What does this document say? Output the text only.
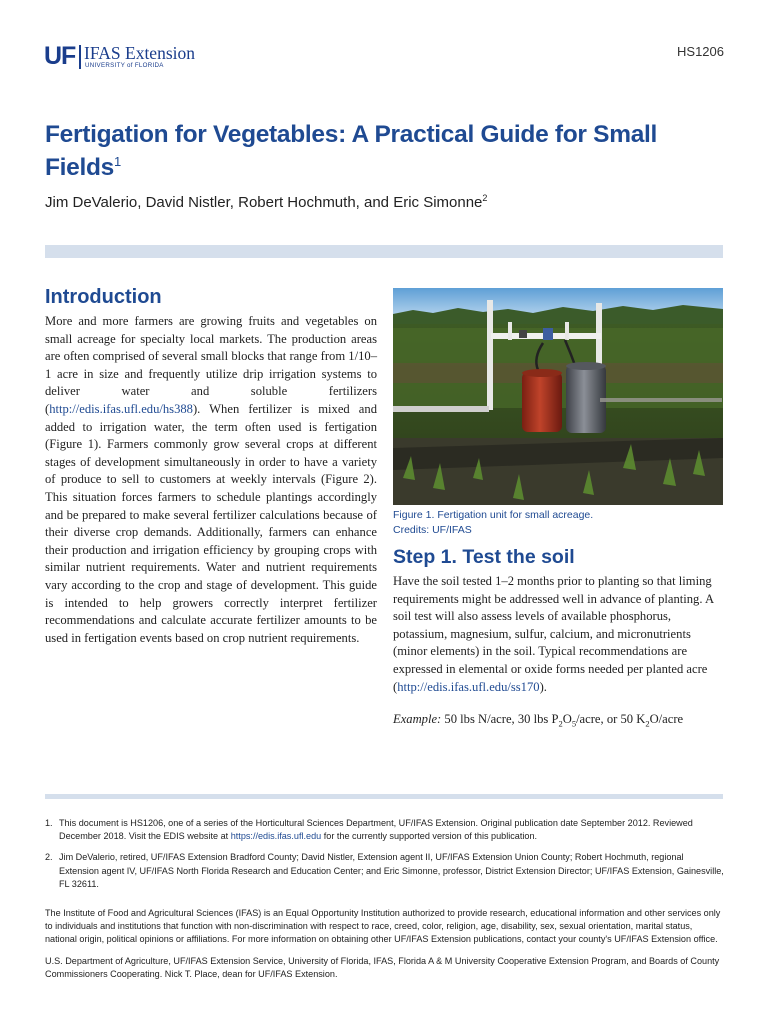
UF IFAS Extension
UNIVERSITY of FLORIDA
HS1206
Fertigation for Vegetables: A Practical Guide for Small Fields$^1$
Jim DeValerio, David Nistler, Robert Hochmuth, and Eric Simonne$^2$
Introduction

More and more farmers are growing fruits and vegetables on small acreage for specialty local markets. The production areas are often comprised of several small blocks that range from 1/10–1 acre in size and frequently utilize drip irrigation systems to deliver water and soluble fertilizers (http://edis.ifas.ufl.edu/hs388). When fertilizer is mixed and added to irrigation water, the term often used is fertigation (Figure 1). Farmers commonly grow several crops at different stages of development simultaneously in order to have a variety of produce to sell to customers at weekly intervals (Figure 2). This situation forces farmers to schedule plantings accordingly and be prepared to make several fertilizer calculations because of their diverse crop demands. Additionally, farmers can enhance their production and irrigation efficiency by grouping crops with similar nutrient requirements. Water and nutrient requirements vary according to the crop and stage of development. This guide is intended to help growers correctly interpret fertilizer recommendations and calculate accurate fertilizer amounts to be used in fertigation events based on crop nutrient requirements.

Figure 1. Fertigation unit for small acreage.
Credits: UF/IFAS
Step 1. Test the soil
Have the soil tested 1–2 months prior to planting so that liming requirements might be addressed well in advance of planting. A soil test will also assess levels of available phosphorus, potassium, magnesium, sulfur, calcium, and micronutrients (minor elements) in the soil. Typical recommendations are expressed in elemental or oxide forms needed per planted acre (http://edis.ifas.ufl.edu/ss170).
Example: 50 lbs N/acre, 30 lbs $P_2O_5$/acre, or 50 $K_2O$/acre
1. This document is HS1206, one of a series of the Horticultural Sciences Department, UF/IFAS Extension. Original publication date September 2012. Reviewed December 2018. Visit the EDIS website at https://edis.ifas.ufl.edu for the currently supported version of this publication.
2. Jim DeValerio, retired, UF/IFAS Extension Bradford County; David Nistler, Extension agent II, UF/IFAS Extension Union County; Robert Hochmuth, regional Extension agent IV, UF/IFAS North Florida Research and Education Center; and Eric Simonne, professor, District Extension Director; UF/IFAS Extension, Gainesville, FL 32611.

The Institute of Food and Agricultural Sciences (IFAS) is an Equal Opportunity Institution authorized to provide research, educational information and other services only to individuals and institutions that function with non-discrimination with respect to race, creed, color, religion, age, disability, sex, sexual orientation, marital status, national origin, political opinions or affiliations. For more information on obtaining other UF/IFAS Extension publications, contact your county's UF/IFAS Extension office.

U.S. Department of Agriculture, UF/IFAS Extension Service, University of Florida, IFAS, Florida A & M University Cooperative Extension Program, and Boards of County Commissioners Cooperating. Nick T. Place, dean for UF/IFAS Extension.
